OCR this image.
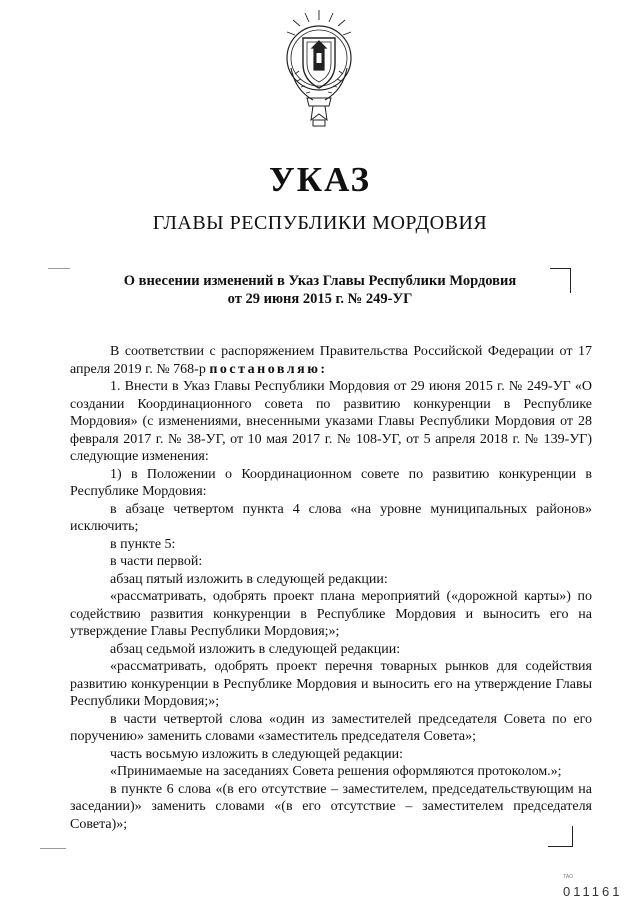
УКАЗ
ГЛАВЫ РЕСПУБЛИКИ МОРДОВИЯ
О внесении изменений в Указ Главы Республики Мордовия
от 29 июня 2015 г. № 249-УГ

В соответствии с распоряжением Правительства Российской Федерации от 17 апреля 2019 г. № 768-р постановляю:

1. Внести в Указ Главы Республики Мордовия от 29 июня 2015 г. № 249-УГ «О создании Координационного совета по развитию конкуренции в Республике Мордовия» (с изменениями, внесенными указами Главы Республики Мордовия от 28 февраля 2017 г. № 38-УГ, от 10 мая 2017 г. № 108-УГ, от 5 апреля 2018 г. № 139-УГ) следующие изменения:

1) в Положении о Координационном совете по развитию конкуренции в Республике Мордовия:

в абзаце четвертом пункта 4 слова «на уровне муниципальных районов» исключить;

в пункте 5:

в части первой:

абзац пятый изложить в следующей редакции:

«рассматривать, одобрять проект плана мероприятий («дорожной карты») по содействию развития конкуренции в Республике Мордовия и выносить его на утверждение Главы Республики Мордовия;»;

абзац седьмой изложить в следующей редакции:

«рассматривать, одобрять проект перечня товарных рынков для содействия развитию конкуренции в Республике Мордовия и выносить его на утверждение Главы Республики Мордовия;»;

в части четвертой слова «один из заместителей председателя Совета по его поручению» заменить словами «заместитель председателя Совета»;

часть восьмую изложить в следующей редакции:

«Принимаемые на заседаниях Совета решения оформляются протоколом.»;

в пункте 6 слова «(в его отсутствие – заместителем, председательствующим на заседании)» заменить словами «(в его отсутствие – заместителем председателя Совета)»;

ТАО
011161
